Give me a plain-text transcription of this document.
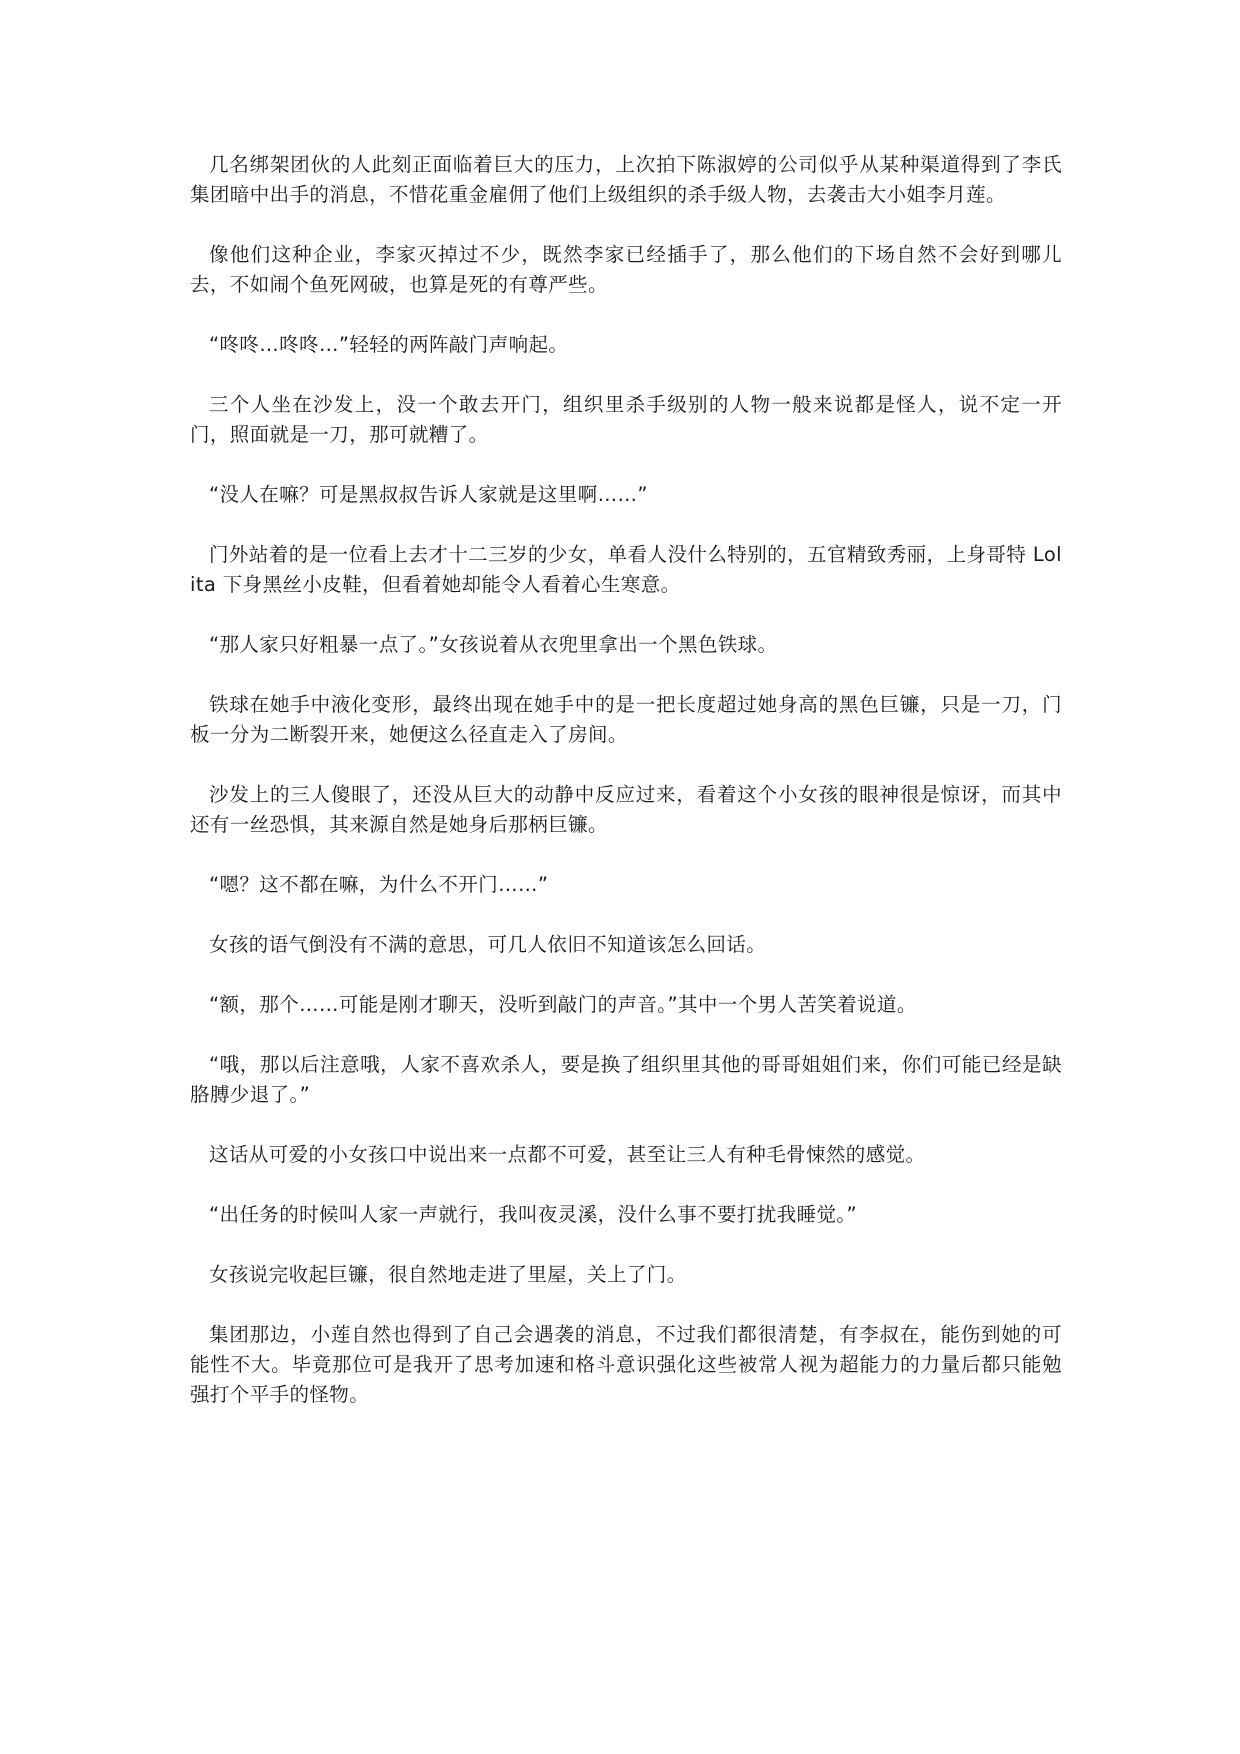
几名绑架团伙的人此刻正面临着巨大的压力，上次拍下陈淑婷的公司似乎从某种渠道得到了李氏集团暗中出手的消息，不惜花重金雇佣了他们上级组织的杀手级人物，去袭击大小姐李月莲。

像他们这种企业，李家灭掉过不少，既然李家已经插手了，那么他们的下场自然不会好到哪儿去，不如闹个鱼死网破，也算是死的有尊严些。

“咚咚…咚咚…”轻轻的两阵敲门声响起。

三个人坐在沙发上，没一个敢去开门，组织里杀手级别的人物一般来说都是怪人，说不定一开门，照面就是一刀，那可就糟了。

“没人在嘛？可是黑叔叔告诉人家就是这里啊……”

门外站着的是一位看上去才十二三岁的少女，单看人没什么特别的，五官精致秀丽，上身哥特 Lolita 下身黑丝小皮鞋，但看着她却能令人看着心生寒意。

“那人家只好粗暴一点了。”女孩说着从衣兜里拿出一个黑色铁球。

铁球在她手中液化变形，最终出现在她手中的是一把长度超过她身高的黑色巨镰，只是一刀，门板一分为二断裂开来，她便这么径直走入了房间。

沙发上的三人傻眼了，还没从巨大的动静中反应过来，看着这个小女孩的眼神很是惊讶，而其中还有一丝恐惧，其来源自然是她身后那柄巨镰。

“嗯？这不都在嘛，为什么不开门……”

女孩的语气倒没有不满的意思，可几人依旧不知道该怎么回话。

“额，那个……可能是刚才聊天，没听到敲门的声音。”其中一个男人苦笑着说道。

“哦，那以后注意哦，人家不喜欢杀人，要是换了组织里其他的哥哥姐姐们来，你们可能已经是缺胳膊少退了。”

这话从可爱的小女孩口中说出来一点都不可爱，甚至让三人有种毛骨悚然的感觉。

“出任务的时候叫人家一声就行，我叫夜灵溪，没什么事不要打扰我睡觉。”

女孩说完收起巨镰，很自然地走进了里屋，关上了门。

集团那边，小莲自然也得到了自己会遇袭的消息，不过我们都很清楚，有李叔在，能伤到她的可能性不大。毕竟那位可是我开了思考加速和格斗意识强化这些被常人视为超能力的力量后都只能勉强打个平手的怪物。
